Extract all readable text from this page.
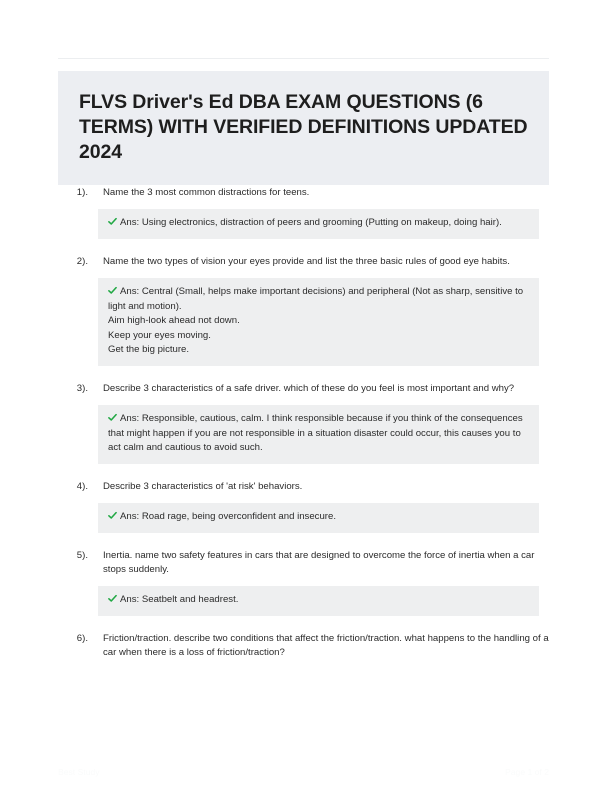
FLVS Driver's Ed DBA EXAM QUESTIONS (6 TERMS) WITH VERIFIED DEFINITIONS UPDATED 2024
1). Name the 3 most common distractions for teens.

Ans: Using electronics, distraction of peers and grooming (Putting on makeup, doing hair).

2). Name the two types of vision your eyes provide and list the three basic rules of good eye habits.

Ans: Central (Small, helps make important decisions) and peripheral (Not as sharp, sensitive to light and motion).

Aim high-look ahead not down.

Keep your eyes moving.

Get the big picture.

3). Describe 3 characteristics of a safe driver. which of these do you feel is most important and why?

Ans: Responsible, cautious, calm. I think responsible because if you think of the consequences that might happen if you are not responsible in a situation disaster could occur, this causes you to act calm and cautious to avoid such.

4). Describe 3 characteristics of 'at risk' behaviors.

Ans: Road rage, being overconfident and insecure.

5). Inertia. name two safety features in cars that are designed to overcome the force of inertia when a car stops suddenly.

Ans: Seatbelt and headrest.

6). Friction/traction. describe two conditions that affect the friction/traction. what happens to the handling of a car when there is a loss of friction/traction?

Best Study	Page 1 of 2
